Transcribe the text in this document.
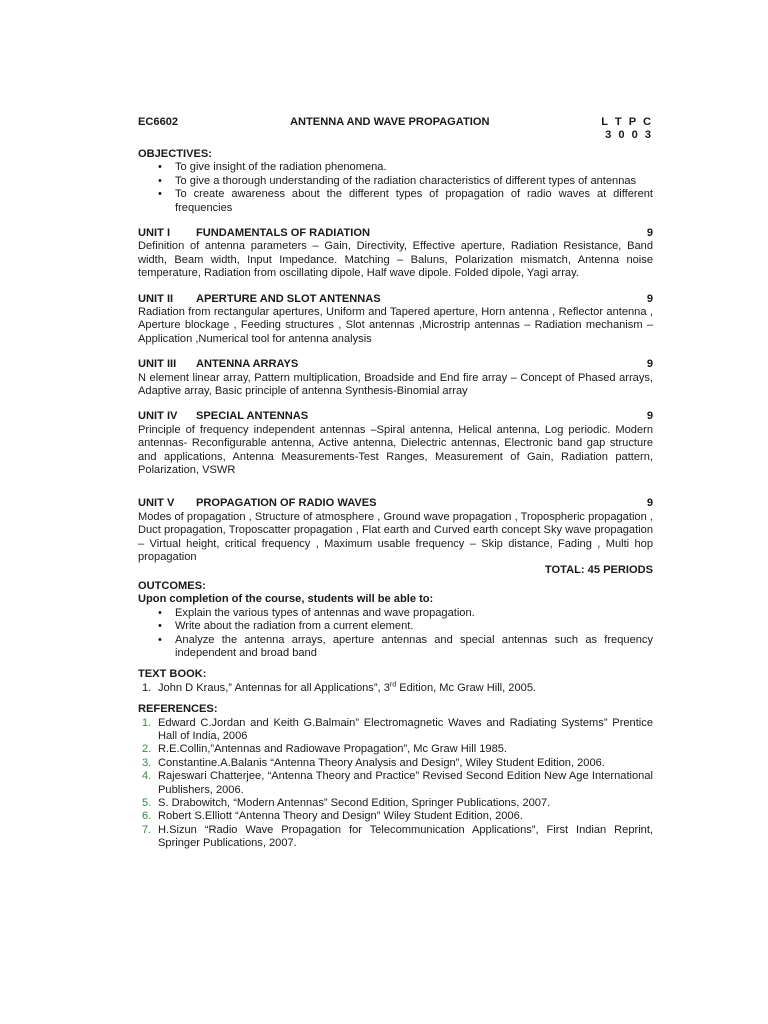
EC6602	ANTENNA AND WAVE PROPAGATION	L T P C
3 0 0 3
OBJECTIVES:
• To give insight of the radiation phenomena.
• To give a thorough understanding of the radiation characteristics of different types of antennas
• To create awareness about the different types of propagation of radio waves at different frequencies
UNIT I FUNDAMENTALS OF RADIATION	9

Definition of antenna parameters – Gain, Directivity, Effective aperture, Radiation Resistance, Band width, Beam width, Input Impedance. Matching – Baluns, Polarization mismatch, Antenna noise temperature, Radiation from oscillating dipole, Half wave dipole. Folded dipole, Yagi array.

UNIT II APERTURE AND SLOT ANTENNAS	9

Radiation from rectangular apertures, Uniform and Tapered aperture, Horn antenna , Reflector antenna , Aperture blockage , Feeding structures , Slot antennas ,Microstrip antennas – Radiation mechanism – Application ,Numerical tool for antenna analysis

UNIT III ANTENNA ARRAYS	9

N element linear array, Pattern multiplication, Broadside and End fire array – Concept of Phased arrays, Adaptive array, Basic principle of antenna Synthesis-Binomial array

UNIT IV SPECIAL ANTENNAS	9

Principle of frequency independent antennas –Spiral antenna, Helical antenna, Log periodic. Modern antennas- Reconfigurable antenna, Active antenna, Dielectric antennas, Electronic band gap structure and applications, Antenna Measurements-Test Ranges, Measurement of Gain, Radiation pattern, Polarization, VSWR

UNIT V PROPAGATION OF RADIO WAVES	9

Modes of propagation , Structure of atmosphere , Ground wave propagation , Tropospheric propagation , Duct propagation, Troposcatter propagation , Flat earth and Curved earth concept Sky wave propagation – Virtual height, critical frequency , Maximum usable frequency – Skip distance, Fading , Multi hop propagation

TOTAL: 45 PERIODS
OUTCOMES:
Upon completion of the course, students will be able to:
• Explain the various types of antennas and wave propagation.
• Write about the radiation from a current element.
• Analyze the antenna arrays, aperture antennas and special antennas such as frequency independent and broad band
TEXT BOOK:
1. John D Kraus,” Antennas for all Applications”, 3rd Edition, Mc Graw Hill, 2005.
REFERENCES:
1. Edward C.Jordan and Keith G.Balmain” Electromagnetic Waves and Radiating Systems” Prentice Hall of India, 2006
2. R.E.Collin,”Antennas and Radiowave Propagation”, Mc Graw Hill 1985.
3. Constantine.A.Balanis “Antenna Theory Analysis and Design”, Wiley Student Edition, 2006.
4. Rajeswari Chatterjee, “Antenna Theory and Practice” Revised Second Edition New Age International Publishers, 2006.
5. S. Drabowitch, “Modern Antennas” Second Edition, Springer Publications, 2007.
6. Robert S.Elliott “Antenna Theory and Design” Wiley Student Edition, 2006.
7. H.Sizun “Radio Wave Propagation for Telecommunication Applications”, First Indian Reprint, Springer Publications, 2007.
